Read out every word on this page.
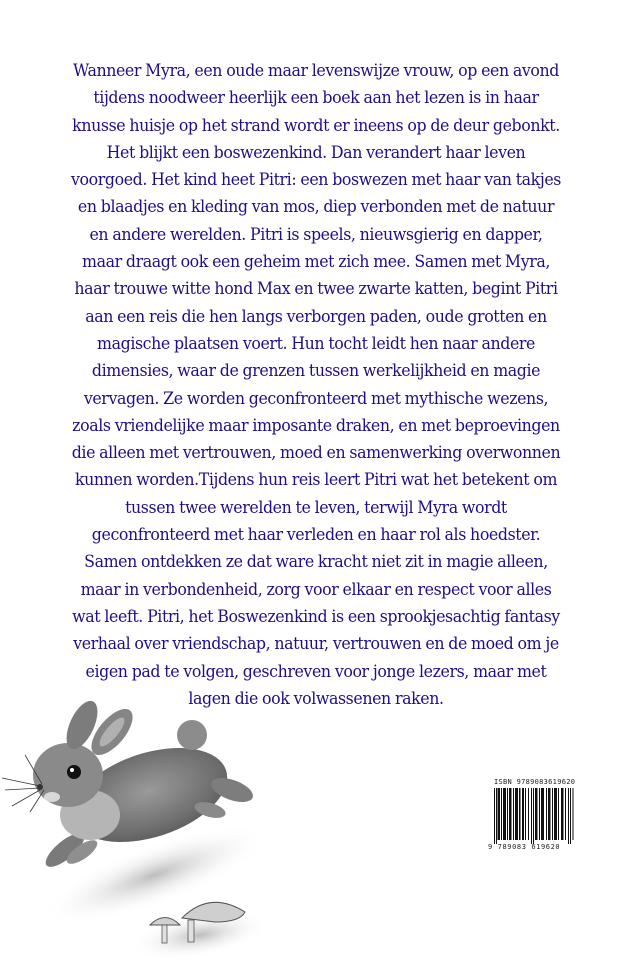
Wanneer Myra, een oude maar levenswijze vrouw, op een avond
tijdens noodweer heerlijk een boek aan het lezen is in haar
knusse huisje op het strand wordt er ineens op de deur gebonkt.
Het blijkt een boswezenkind. Dan verandert haar leven
voorgoed. Het kind heet Pitri: een boswezen met haar van takjes
en blaadjes en kleding van mos, diep verbonden met de natuur
en andere werelden. Pitri is speels, nieuwsgierig en dapper,
maar draagt ook een geheim met zich mee. Samen met Myra,
haar trouwe witte hond Max en twee zwarte katten, begint Pitri
aan een reis die hen langs verborgen paden, oude grotten en
magische plaatsen voert. Hun tocht leidt hen naar andere
dimensies, waar de grenzen tussen werkelijkheid en magie
vervagen. Ze worden geconfronteerd met mythische wezens,
zoals vriendelijke maar imposante draken, en met beproevingen
die alleen met vertrouwen, moed en samenwerking overwonnen
kunnen worden.Tijdens hun reis leert Pitri wat het betekent om
tussen twee werelden te leven, terwijl Myra wordt
geconfronteerd met haar verleden en haar rol als hoedster.
Samen ontdekken ze dat ware kracht niet zit in magie alleen,
maar in verbondenheid, zorg voor elkaar en respect voor alles
wat leeft. Pitri, het Boswezenkind is een sprookjesachtig fantasy
verhaal over vriendschap, natuur, vertrouwen en de moed om je
eigen pad te volgen, geschreven voor jonge lezers, maar met
lagen die ook volwassenen raken.
ISBN 9789083619620
9 789083 619620
